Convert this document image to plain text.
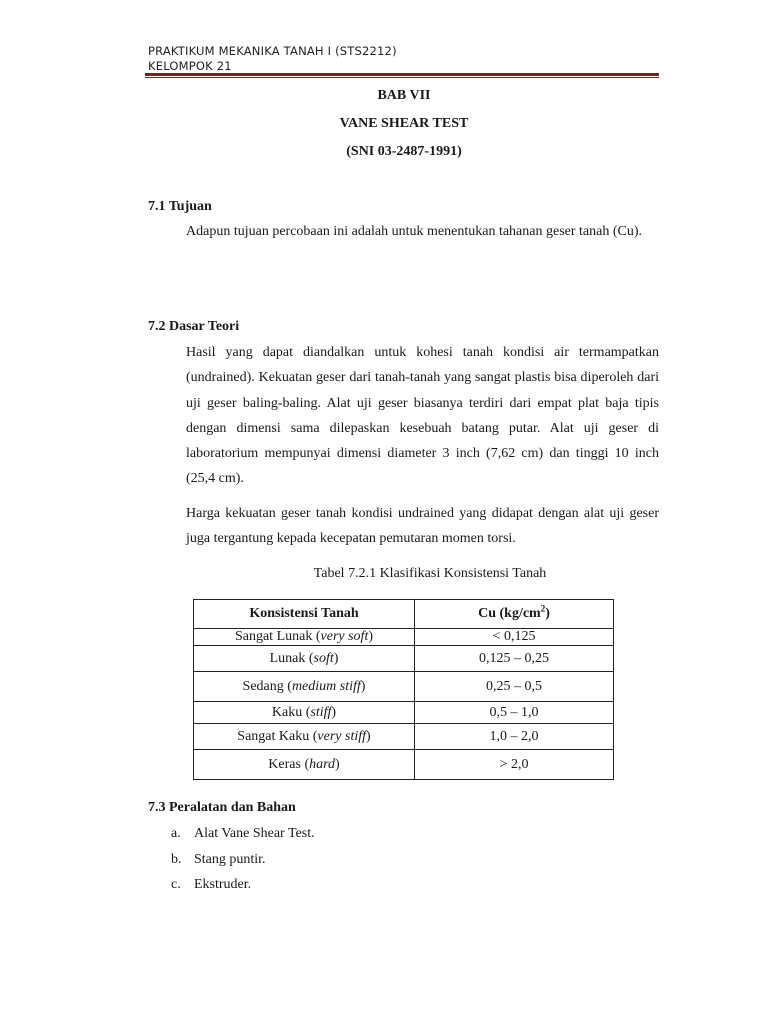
PRAKTIKUM MEKANIKA TANAH I (STS2212)
KELOMPOK 21
BAB VII
VANE SHEAR TEST
(SNI 03-2487-1991)
7.1 Tujuan
Adapun tujuan percobaan ini adalah untuk menentukan tahanan geser tanah (Cu).
7.2 Dasar Teori
Hasil yang dapat diandalkan untuk kohesi tanah kondisi air termampatkan (undrained). Kekuatan geser dari tanah-tanah yang sangat plastis bisa diperoleh dari uji geser baling-baling. Alat uji geser biasanya terdiri dari empat plat baja tipis dengan dimensi sama dilepaskan kesebuah batang putar. Alat uji geser di laboratorium mempunyai dimensi diameter 3 inch (7,62 cm) dan tinggi 10 inch (25,4 cm).
Harga kekuatan geser tanah kondisi undrained yang didapat dengan alat uji geser juga tergantung kepada kecepatan pemutaran momen torsi.
Tabel 7.2.1 Klasifikasi Konsistensi Tanah
Konsistensi Tanah	Cu $(kg/cm^2)$
Sangat Lunak (very soft)	< 0,125
Lunak (soft)	0,125 – 0,25
Sedang (medium stiff)	0,25 – 0,5
Kaku (stiff)	0,5 – 1,0
Sangat Kaku (very stiff)	1,0 – 2,0
Keras (hard)	> 2,0
7.3 Peralatan dan Bahan
a. Alat Vane Shear Test.
b. Stang puntir.
c. Ekstruder.
